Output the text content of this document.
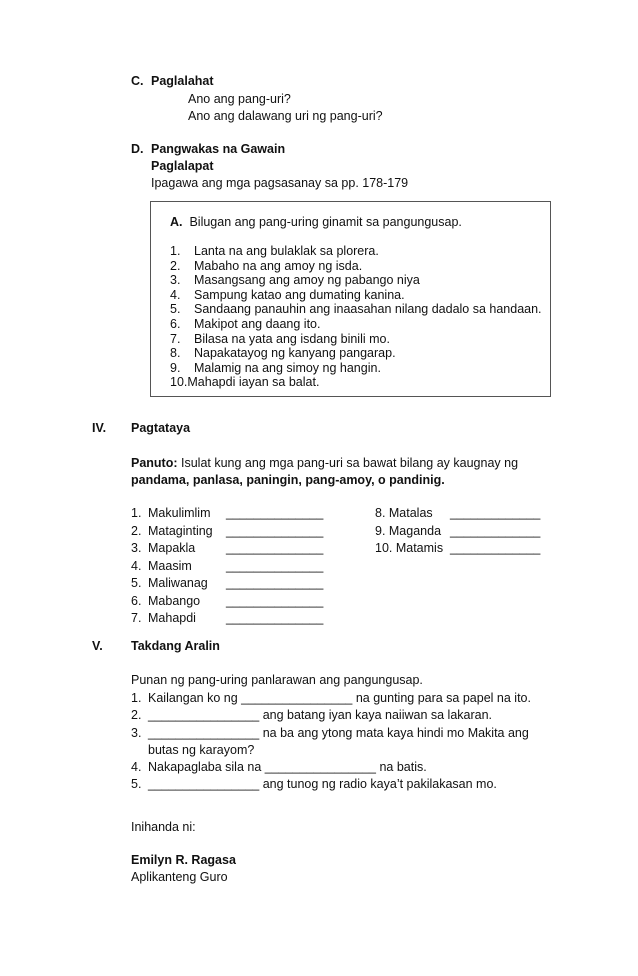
C. Paglalahat
Ano ang pang-uri?
Ano ang dalawang uri ng pang-uri?
D. Pangwakas na Gawain
Paglalapat
Ipagawa ang mga pagsasanay sa pp. 178-179
A. Bilugan ang pang-uring ginamit sa pangungusap.
1. Lanta na ang bulaklak sa plorera.
2. Mabaho na ang amoy ng isda.
3. Masangsang ang amoy ng pabango niya
4. Sampung katao ang dumating kanina.
5. Sandaang panauhin ang inaasahan nilang dadalo sa handaan.
6. Makipot ang daang ito.
7. Bilasa na yata ang isdang binili mo.
8. Napakatayog ng kanyang pangarap.
9. Malamig na ang simoy ng hangin.
10.Mahapdi iayan sa balat.
IV. Pagtataya
Panuto: Isulat kung ang mga pang-uri sa bawat bilang ay kaugnay ng
pandama, panlasa, paningin, pang-amoy, o pandinig.
1. Makulimlim ______________
2. Mataginting ______________
3. Mapakla ______________
4. Maasim	______________
5. Maliwanag ______________
6. Mabango ______________
7. Mahapdi ______________
8. Matalas _____________
9. Maganda _____________
10. Matamis _____________
V. Takdang Aralin
Punan ng pang-uring panlarawan ang pangungusap.
1. Kailangan ko ng ________________ na gunting para sa papel na ito.
2. ________________ ang batang iyan kaya naiiwan sa lakaran.
3. ________________ na ba ang ytong mata kaya hindi mo Makita ang
butas ng karayom?
4. Nakapaglaba sila na ________________ na batis.
5. ________________ ang tunog ng radio kaya’t pakilakasan mo.
Inihanda ni:
Emilyn R. Ragasa
Aplikanteng Guro
